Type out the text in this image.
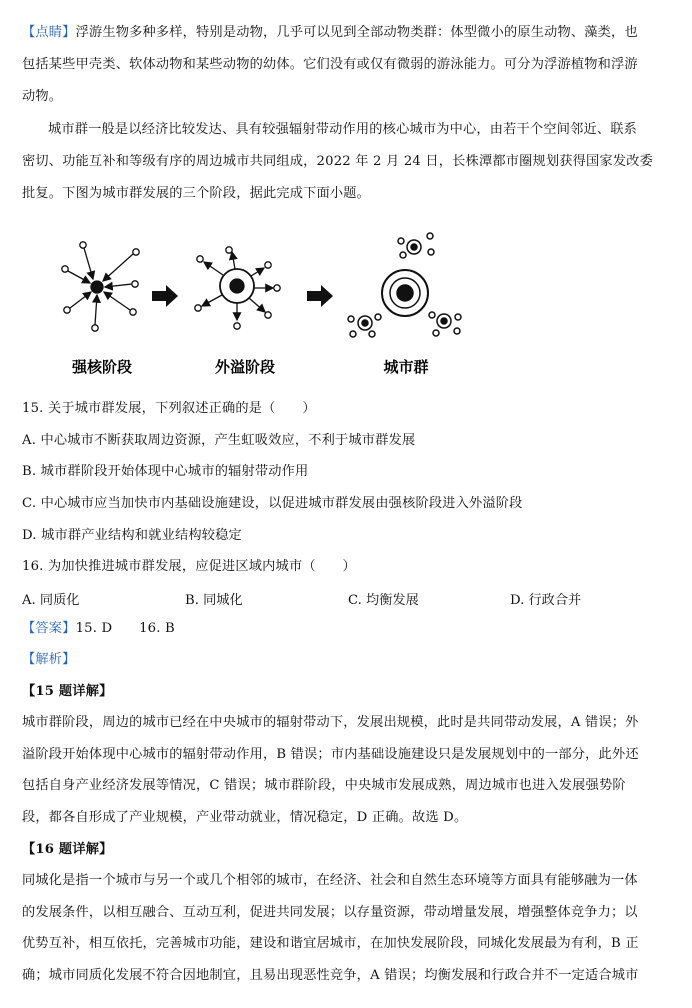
【点睛】浮游生物多种多样，特别是动物，几乎可以见到全部动物类群：体型微小的原生动物、藻类，也
包括某些甲壳类、软体动物和某些动物的幼体。它们没有或仅有微弱的游泳能力。可分为浮游植物和浮游
动物。
城市群一般是以经济比较发达、具有较强辐射带动作用的核心城市为中心，由若干个空间邻近、联系
密切、功能互补和等级有序的周边城市共同组成，2022 年 2 月 24 日，长株潭都市圈规划获得国家发改委
批复。下图为城市群发展的三个阶段，据此完成下面小题。
强核阶段	外溢阶段	城市群
15. 关于城市群发展，下列叙述正确的是（　　）
A. 中心城市不断获取周边资源，产生虹吸效应，不利于城市群发展
B. 城市群阶段开始体现中心城市的辐射带动作用
C. 中心城市应当加快市内基础设施建设，以促进城市群发展由强核阶段进入外溢阶段
D. 城市群产业结构和就业结构较稳定
16. 为加快推进城市群发展，应促进区域内城市（　　）
A. 同质化	B. 同城化	C. 均衡发展	D. 行政合并
【答案】15. D　　16. B
【解析】
【15 题详解】
城市群阶段，周边的城市已经在中央城市的辐射带动下，发展出规模，此时是共同带动发展，A 错误；外
溢阶段开始体现中心城市的辐射带动作用，B 错误；市内基础设施建设只是发展规划中的一部分，此外还
包括自身产业经济发展等情况，C 错误；城市群阶段，中央城市发展成熟，周边城市也进入发展强势阶
段，都各自形成了产业规模，产业带动就业，情况稳定，D 正确。故选 D。
【16 题详解】
同城化是指一个城市与另一个或几个相邻的城市，在经济、社会和自然生态环境等方面具有能够融为一体
的发展条件，以相互融合、互动互利，促进共同发展；以存量资源，带动增量发展，增强整体竞争力；以
优势互补，相互依托，完善城市功能，建设和谐宜居城市，在加快发展阶段，同城化发展最为有利，B 正
确；城市同质化发展不符合因地制宜，且易出现恶性竞争，A 错误；均衡发展和行政合并不一定适合城市
